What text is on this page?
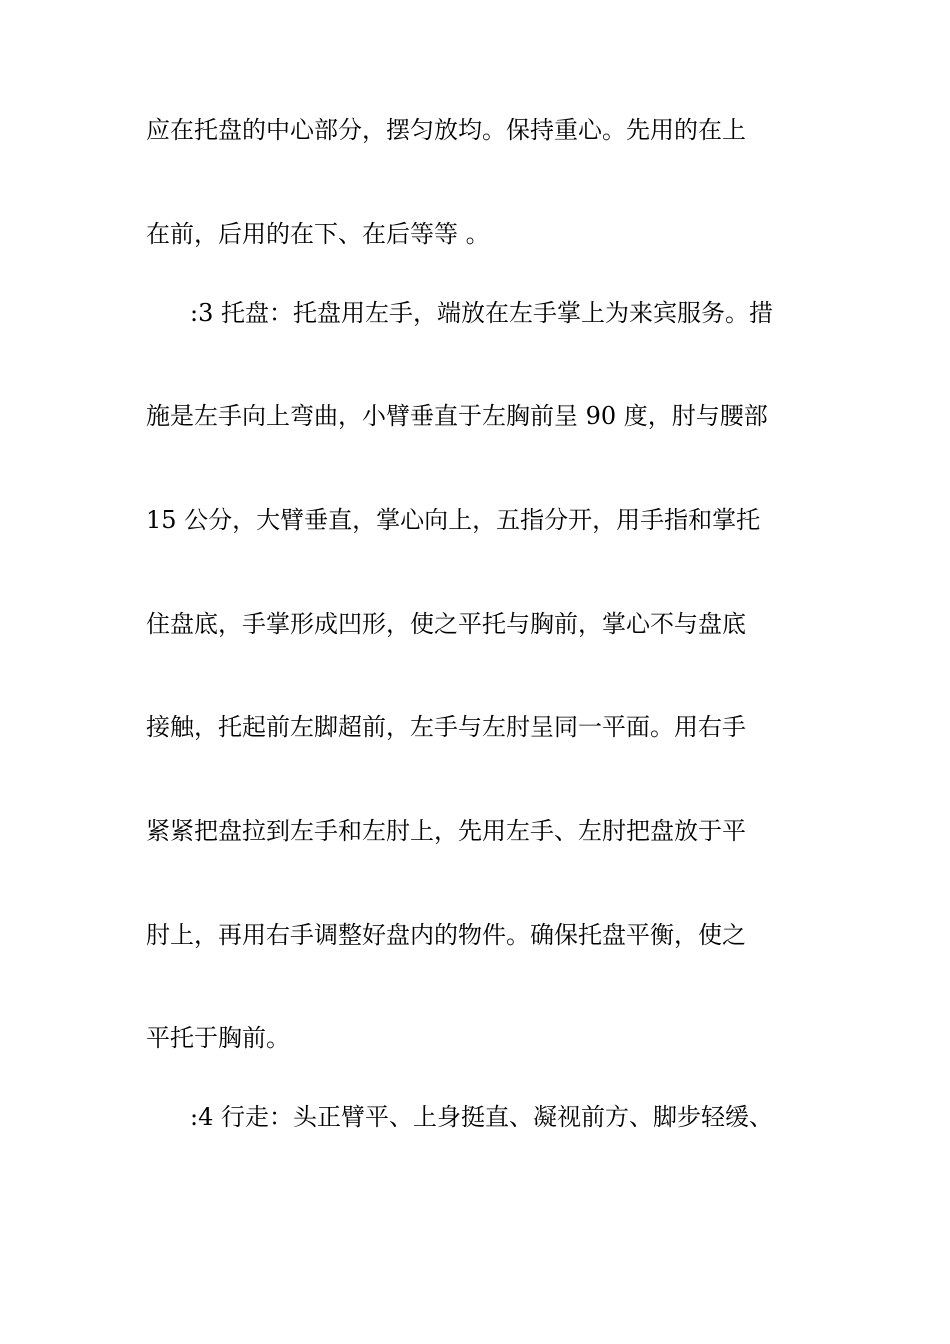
应在托盘的中心部分，摆匀放均。保持重心。先用的在上
在前，后用的在下、在后等等 。
:3 托盘：托盘用左手，端放在左手掌上为来宾服务。措
施是左手向上弯曲，小臂垂直于左胸前呈 90 度，肘与腰部
15 公分，大臂垂直，掌心向上，五指分开，用手指和掌托
住盘底，手掌形成凹形，使之平托与胸前，掌心不与盘底
接触，托起前左脚超前，左手与左肘呈同一平面。用右手
紧紧把盘拉到左手和左肘上，先用左手、左肘把盘放于平
肘上，再用右手调整好盘内的物件。确保托盘平衡，使之
平托于胸前。
:4 行走：头正臂平、上身挺直、凝视前方、脚步轻缓、
